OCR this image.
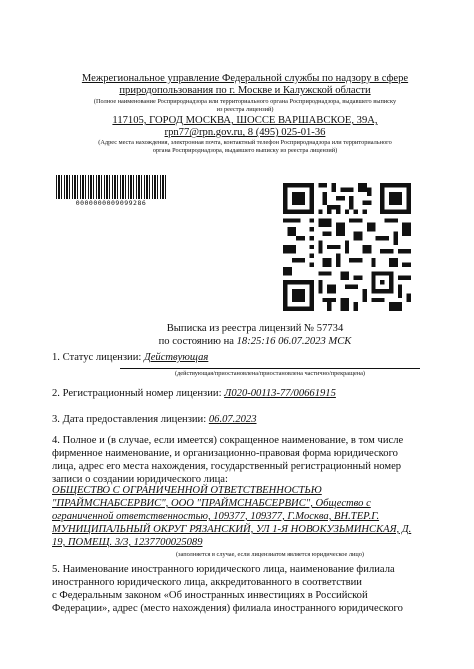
Межрегиональное управление Федеральной службы по надзору в сфере
природопользования по г. Москве и Калужской области
(Полное наименование Росприроднадзора или территориального органа Росприроднадзора, выдавшего выписку
из реестра лицензий)
117105, ГОРОД МОСКВА, ШОССЕ ВАРШАВСКОЕ, 39А,
rpn77@rpn.gov.ru, 8 (495) 025-01-36
(Адрес места нахождения, электронная почта, контактный телефон Росприроднадзора или территориального
органа Росприроднадзора, выдавшего выписку из реестра лицензий)
0000000009099286
Выписка из реестра лицензий № 57734
по состоянию на 18:25:16 06.07.2023 МСК
1. Статус лицензии: Действующая
(действующая/приостановлена/приостановлена частично/прекращена)
2. Регистрационный номер лицензии: Л020-00113-77/00661915
3. Дата предоставления лицензии: 06.07.2023
4. Полное и (в случае, если имеется) сокращенное наименование, в том числе
фирменное наименование, и организационно-правовая форма юридического
лица, адрес его места нахождения, государственный регистрационный номер
записи о создании юридического лица:
ОБЩЕСТВО С ОГРАНИЧЕННОЙ ОТВЕТСТВЕННОСТЬЮ
"ПРАЙМСНАБСЕРВИС", ООО "ПРАЙМСНАБСЕРВИС", Общество с
ограниченной ответственностью, 109377, 109377, Г.Москва, ВН.ТЕР.Г.
МУНИЦИПАЛЬНЫЙ ОКРУГ РЯЗАНСКИЙ, УЛ 1-Я НОВОКУЗЬМИНСКАЯ, Д.
19, ПОМЕЩ. 3/3, 1237700025089
(заполняется в случае, если лицензиатом является юридическое лицо)
5. Наименование иностранного юридического лица, наименование филиала
иностранного юридического лица, аккредитованного в соответствии
с Федеральным законом «Об иностранных инвестициях в Российской
Федерации», адрес (место нахождения) филиала иностранного юридического
